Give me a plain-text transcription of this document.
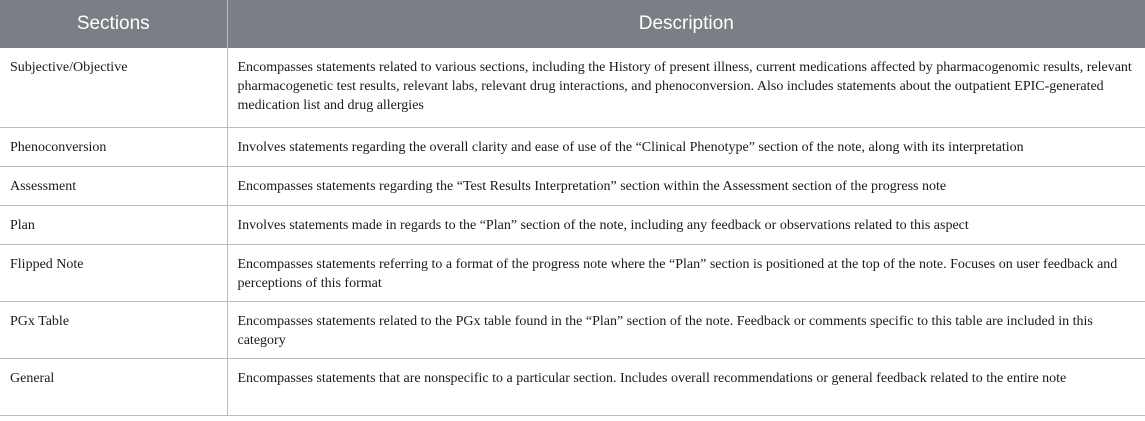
Sections	Description
Subjective/Objective	Encompasses statements related to various sections, including the History of present illness, current medications affected by pharmacogenomic results, relevant pharmacogenetic test results, relevant labs, relevant drug interactions, and phenoconversion. Also includes statements about the outpatient EPIC-generated medication list and drug allergies
Phenoconversion	Involves statements regarding the overall clarity and ease of use of the “Clinical Phenotype” section of the note, along with its interpretation
Assessment	Encompasses statements regarding the “Test Results Interpretation” section within the Assessment section of the progress note
Plan	Involves statements made in regards to the “Plan” section of the note, including any feedback or observations related to this aspect
Flipped Note	Encompasses statements referring to a format of the progress note where the “Plan” section is positioned at the top of the note. Focuses on user feedback and perceptions of this format
PGx Table	Encompasses statements related to the PGx table found in the “Plan” section of the note. Feedback or comments specific to this table are included in this category
General	Encompasses statements that are nonspecific to a particular section. Includes overall recommendations or general feedback related to the entire note
